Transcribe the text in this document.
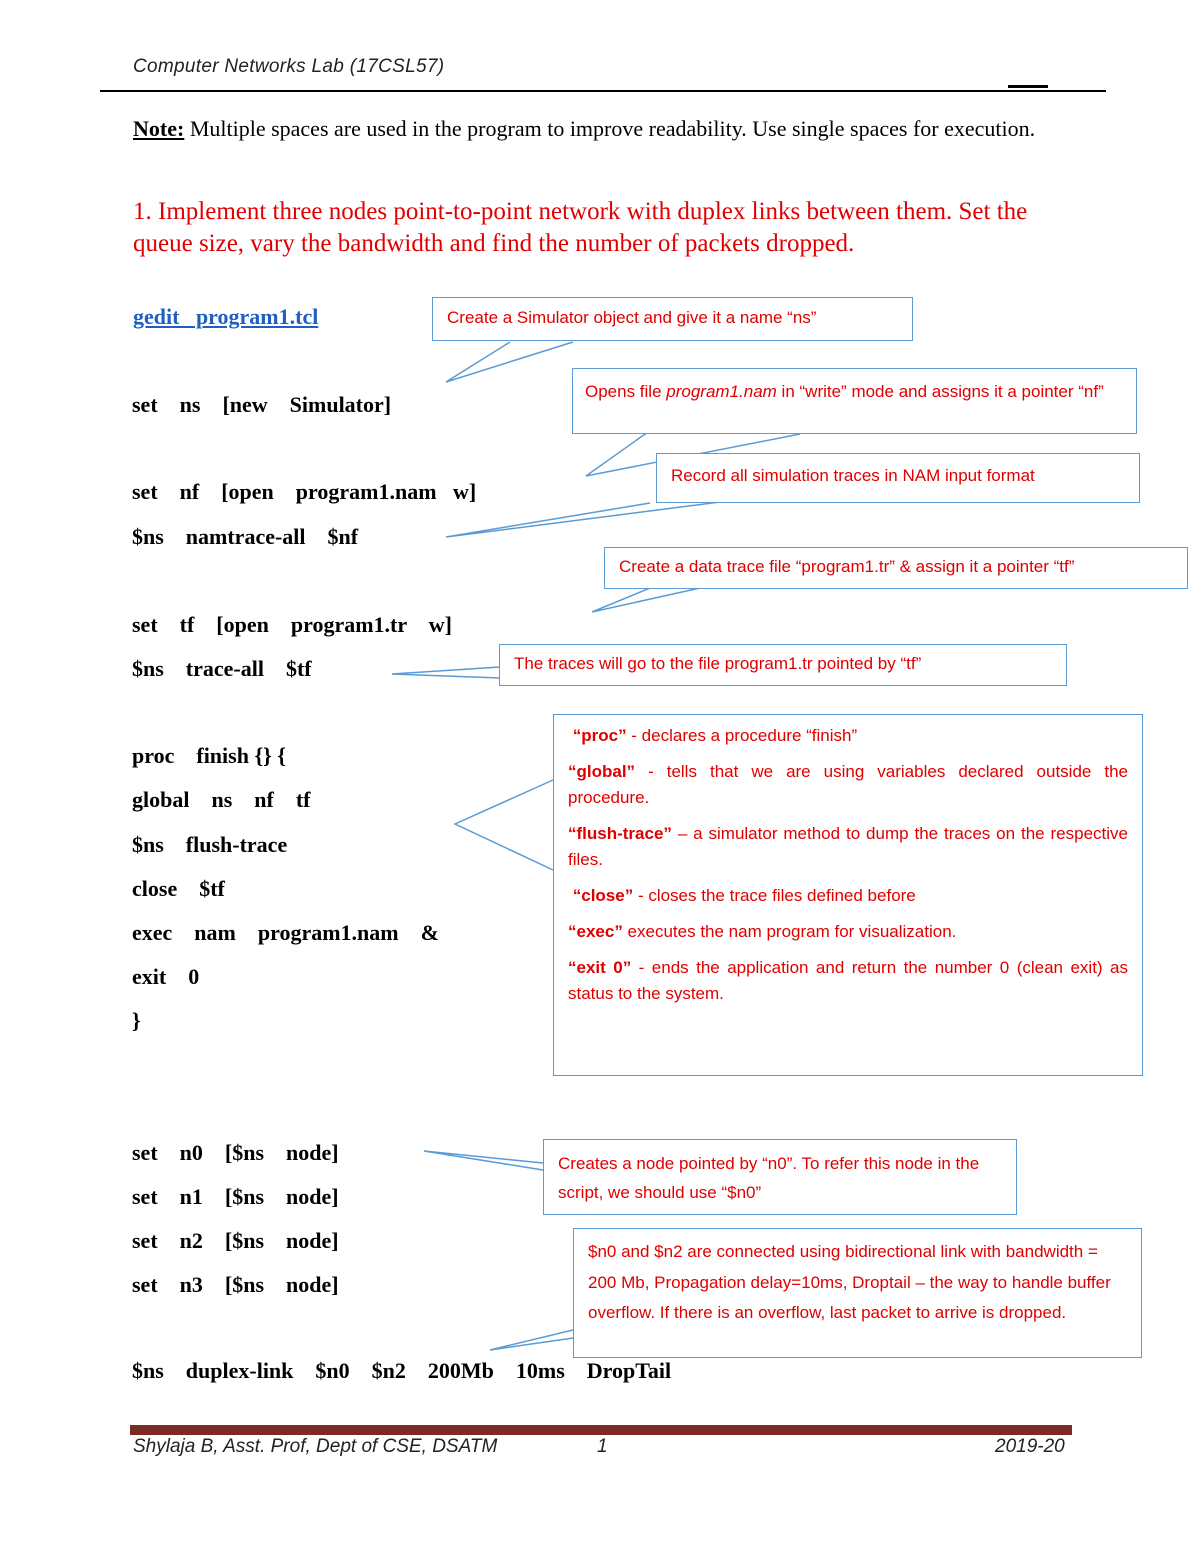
Computer Networks Lab (17CSL57)
Note: Multiple spaces are used in the program to improve readability. Use single spaces for execution.
1. Implement three nodes point-to-point network with duplex links between them. Set the queue size, vary the bandwidth and find the number of packets dropped.
gedit   program1.tcl
set    ns    [new    Simulator]
set    nf    [open    program1.nam   w]
$ns    namtrace-all    $nf
set    tf    [open    program1.tr    w]
$ns    trace-all    $tf
proc    finish {} {
global    ns    nf    tf
$ns    flush-trace
close    $tf
exec    nam    program1.nam    &
exit    0
}
set    n0    [$ns    node]
set    n1    [$ns    node]
set    n2    [$ns    node]
set    n3    [$ns    node]
$ns    duplex-link    $n0    $n2    200Mb    10ms    DropTail
Create a Simulator object and give it a name “ns”
Opens file program1.nam in “write” mode and assigns it a pointer “nf”
Record all simulation traces in NAM input format
Create a data trace file “program1.tr” & assign it a pointer “tf”
The traces will go to the file program1.tr pointed by “tf”

“proc” - declares a procedure “finish”

“global” - tells that we are using variables declared outside the procedure.

“flush-trace” – a simulator method to dump the traces on the respective files.

“close” - closes the trace files defined before

“exec” executes the nam program for visualization.

“exit 0” - ends the application and return the number 0 (clean exit) as status to the system.

Creates a node pointed by “n0”. To refer this node in the script, we should use “$n0”
$n0 and $n2 are connected using bidirectional link with bandwidth = 200 Mb, Propagation delay=10ms, Droptail – the way to handle buffer overflow. If there is an overflow, last packet to arrive is dropped.
Shylaja B, Asst. Prof, Dept of CSE, DSATM	1	2019-20
